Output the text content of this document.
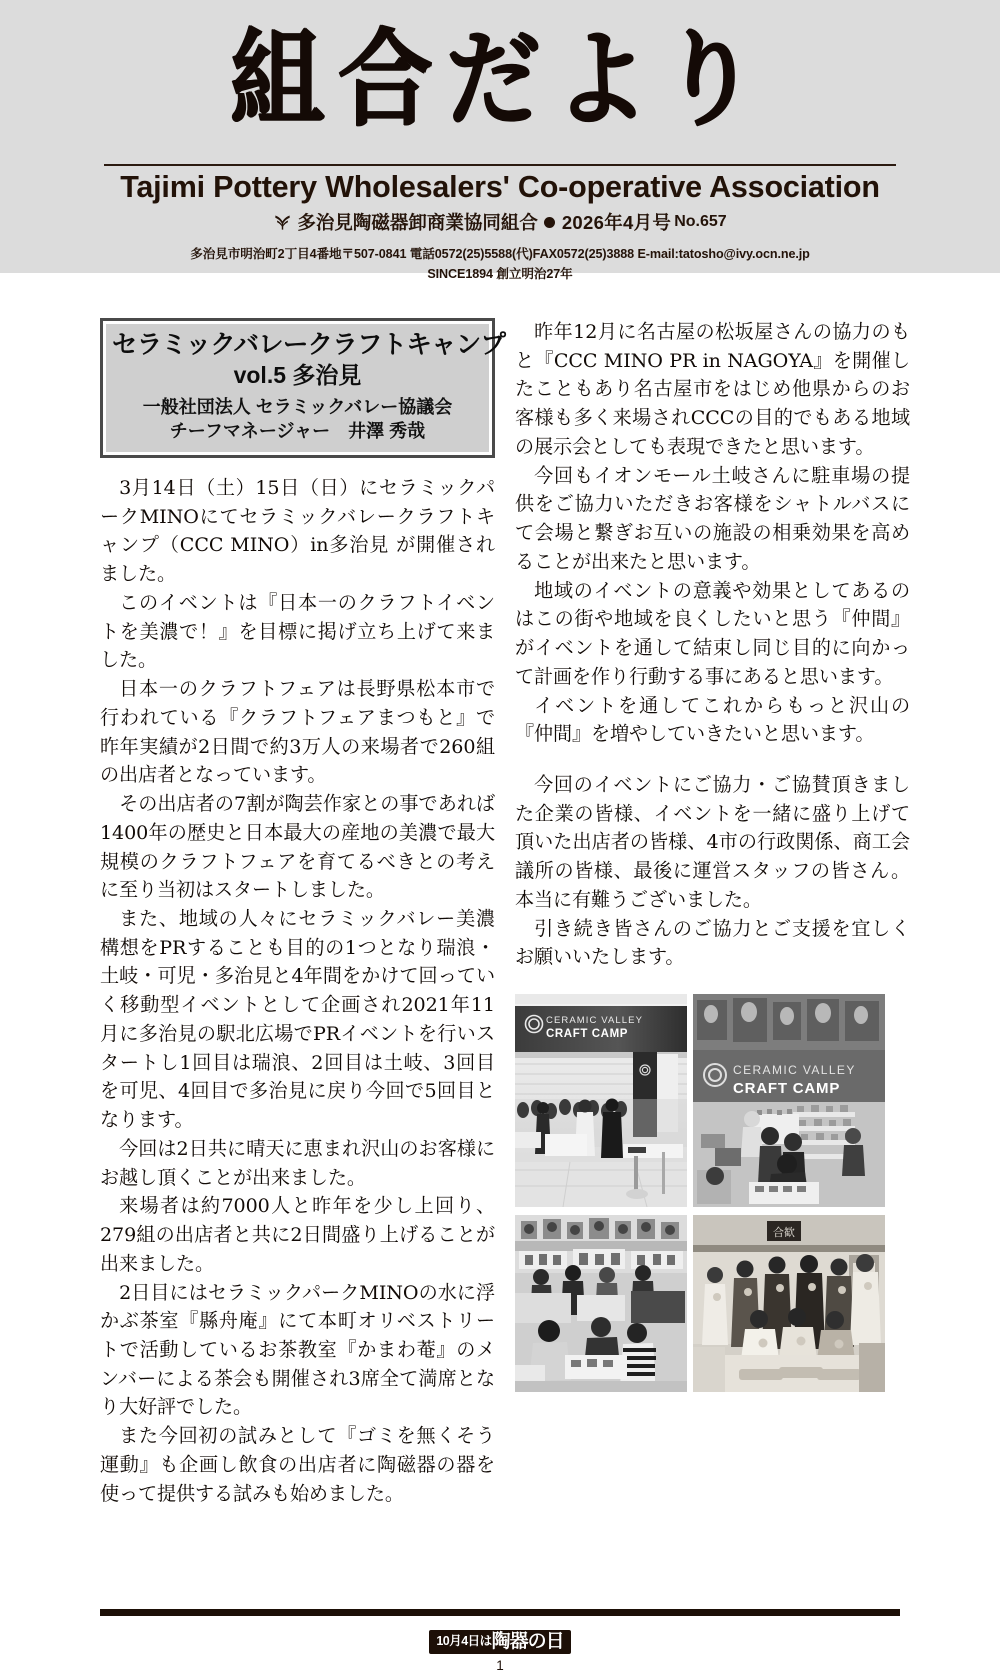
組合だより
Tajimi Pottery Wholesalers' Co-operative Association
多治見陶磁器卸商業協同組合 2026年4月号 No.657
多治見市明治町2丁目4番地〒507-0841 電話0572(25)5588(代)FAX0572(25)3888 E-mail:tatosho@ivy.ocn.ne.jp
SINCE1894 創立明治27年
セラミックバレークラフトキャンプ
vol.5 多治見
一般社団法人 セラミックバレー協議会
チーフマネージャー　井澤 秀哉

3月14日（土）15日（日）にセラミックパークMINOにてセラミックバレークラフトキャンプ（CCC MINO）in多治見 が開催されました。

このイベントは『日本一のクラフトイベントを美濃で！』を目標に掲げ立ち上げて来ました。

日本一のクラフトフェアは長野県松本市で行われている『クラフトフェアまつもと』で昨年実績が2日間で約3万人の来場者で260組の出店者となっています。

その出店者の7割が陶芸作家との事であれば1400年の歴史と日本最大の産地の美濃で最大規模のクラフトフェアを育てるべきとの考えに至り当初はスタートしました。

また、地域の人々にセラミックバレー美濃構想をPRすることも目的の1つとなり瑞浪・土岐・可児・多治見と4年間をかけて回っていく移動型イベントとして企画され2021年11月に多治見の駅北広場でPRイベントを行いスタートし1回目は瑞浪、2回目は土岐、3回目を可児、4回目で多治見に戻り今回で5回目となります。

今回は2日共に晴天に恵まれ沢山のお客様にお越し頂くことが出来ました。

来場者は約7000人と昨年を少し上回り、279組の出店者と共に2日間盛り上げることが出来ました。

2日目にはセラミックパークMINOの水に浮かぶ茶室『縣舟庵』にて本町オリベストリートで活動しているお茶教室『かまわ菴』のメンバーによる茶会も開催され3席全て満席となり大好評でした。

また今回初の試みとして『ゴミを無くそう運動』も企画し飲食の出店者に陶磁器の器を使って提供する試みも始めました。

昨年12月に名古屋の松坂屋さんの協力のもと『CCC MINO PR in NAGOYA』を開催したこともあり名古屋市をはじめ他県からのお客様も多く来場されCCCの目的でもある地域の展示会としても表現できたと思います。

今回もイオンモール土岐さんに駐車場の提供をご協力いただきお客様をシャトルバスにて会場と繋ぎお互いの施設の相乗効果を高めることが出来たと思います。

地域のイベントの意義や効果としてあるのはこの街や地域を良くしたいと思う『仲間』がイベントを通して結束し同じ目的に向かって計画を作り行動する事にあると思います。

イベントを通してこれからもっと沢山の『仲間』を増やしていきたいと思います。

今回のイベントにご協力・ご協賛頂きました企業の皆様、イベントを一緒に盛り上げて頂いた出店者の皆様、4市の行政関係、商工会議所の皆様、最後に運営スタッフの皆さん。本当に有難うございました。

引き続き皆さんのご協力とご支援を宜しくお願いいたします。

CERAMIC VALLEY
CRAFT CAMP
CERAMIC VALLEY
CRAFT CAMP
合歓
10月4日は陶器の日
1
